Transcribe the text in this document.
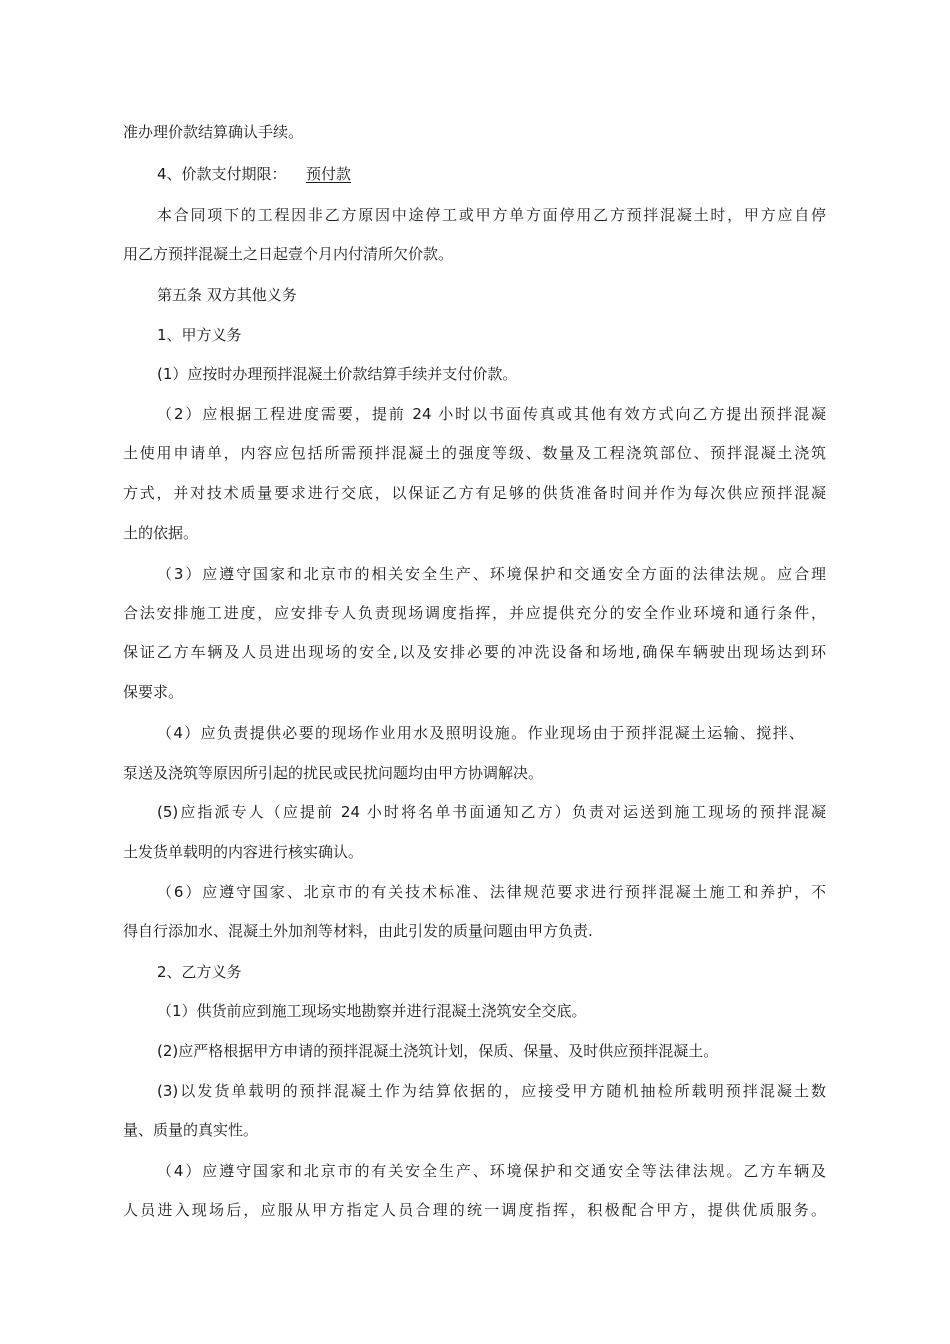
准办理价款结算确认手续。

4、价款支付期限： 预付款

本合同项下的工程因非乙方原因中途停工或甲方单方面停用乙方预拌混凝土时，甲方应自停

用乙方预拌混凝土之日起壹个月内付清所欠价款。

第五条 双方其他义务

1、甲方义务

(1）应按时办理预拌混凝土价款结算手续并支付价款。

（2）应根据工程进度需要，提前 24 小时以书面传真或其他有效方式向乙方提出预拌混凝

土使用申请单，内容应包括所需预拌混凝土的强度等级、数量及工程浇筑部位、预拌混凝土浇筑

方式，并对技术质量要求进行交底，以保证乙方有足够的供货准备时间并作为每次供应预拌混凝

土的依据。

（3）应遵守国家和北京市的相关安全生产、环境保护和交通安全方面的法律法规。应合理

合法安排施工进度，应安排专人负责现场调度指挥，并应提供充分的安全作业环境和通行条件，

保证乙方车辆及人员进出现场的安全,以及安排必要的冲洗设备和场地,确保车辆驶出现场达到环

保要求。

（4）应负责提供必要的现场作业用水及照明设施。作业现场由于预拌混凝土运输、搅拌、

泵送及浇筑等原因所引起的扰民或民扰问题均由甲方协调解决。

(5)应指派专人（应提前 24 小时将名单书面通知乙方）负责对运送到施工现场的预拌混凝

土发货单载明的内容进行核实确认。

（6）应遵守国家、北京市的有关技术标准、法律规范要求进行预拌混凝土施工和养护，不

得自行添加水、混凝土外加剂等材料，由此引发的质量问题由甲方负责.

2、乙方义务

（1）供货前应到施工现场实地勘察并进行混凝土浇筑安全交底。

(2)应严格根据甲方申请的预拌混凝土浇筑计划，保质、保量、及时供应预拌混凝土。

(3)以发货单载明的预拌混凝土作为结算依据的，应接受甲方随机抽检所载明预拌混凝土数

量、质量的真实性。

（4）应遵守国家和北京市的有关安全生产、环境保护和交通安全等法律法规。乙方车辆及

人员进入现场后，应服从甲方指定人员合理的统一调度指挥，积极配合甲方，提供优质服务。
